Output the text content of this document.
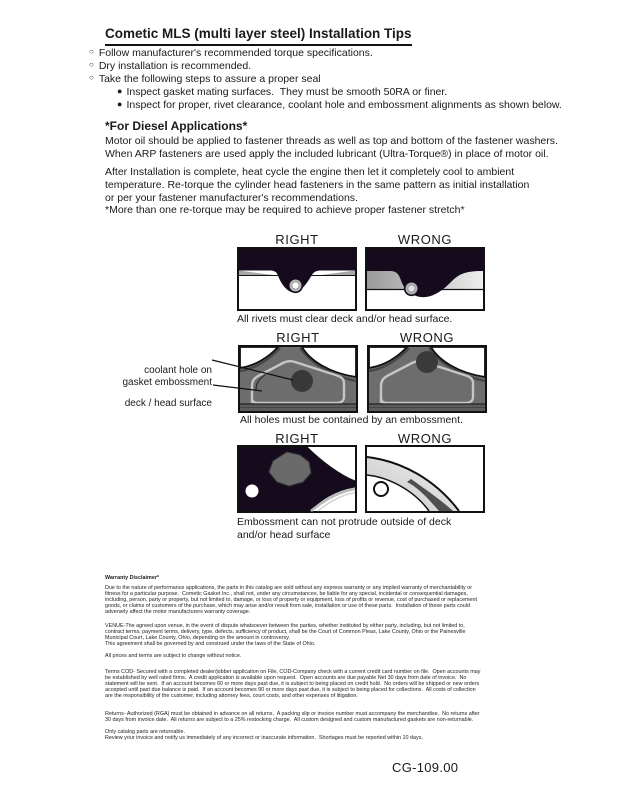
Cometic MLS (multi layer steel) Installation Tips
○ Follow manufacturer's recommended torque specifications.
○ Dry installation is recommended.
○ Take the following steps to assure a proper seal
● Inspect gasket mating surfaces.  They must be smooth 50RA or finer.
● Inspect for proper, rivet clearance, coolant hole and embossment alignments as shown below.
*For Diesel Applications*
Motor oil should be applied to fastener threads as well as top and bottom of the fastener washers.
When ARP fasteners are used apply the included lubricant (Ultra-Torque®) in place of motor oil.
After Installation is complete, heat cycle the engine then let it completely cool to ambient
temperature. Re-torque the cylinder head fasteners in the same pattern as initial installation
or per your fastener manufacturer's recommendations.
*More than one re-torque may be required to achieve proper fastener stretch*
RIGHT	WRONG
All rivets must clear deck and/or head surface.
RIGHT	WRONG

coolant hole on

deck / head surface

gasket embossment
All holes must be contained by an embossment.
RIGHT	WRONG
Embossment can not protrude outside of deck
and/or head surface
Warranty Disclaimer*
Due to the nature of performance applications, the parts in this catalog are sold without any express warranty or any implied warranty of merchantability or
fitness for a particular purpose.  Cometic Gasket Inc., shall not, under any circumstances, be liable for any special, incidental or consequential damages,
including, person, party or property, but not limited to, damage, or loss of property or equipment, loss of profits or revenue, cost of purchased or replacement
goods, or claims of customers of the purchase, which may arise and/or result from sale, installation or use of these parts.  Installation of these parts could
adversely affect the motor manufacturers warranty coverage.
VENUE-The agreed upon venue, in the event of dispute whatsoever between the parties, whether instituted by either party, including, but not limited to,
contract terms, payment terms, delivery, type, defects, sufficiency of product, shall be the Court of Common Pleas, Lake County, Ohio or the Painesville
Municipal Court, Lake County, Ohio, depending on the amount in controversy.
This agreement shall be governed by and construed under the laws of the State of Ohio.
All prices and terms are subject to change without notice.
Terms COD- Secured with a completed dealer/jobber application on File, COD-Company check with a current credit card number on file.  Open accounts may
be established by well rated firms.  A credit application is available upon request.  Open accounts are due payable Net 30 days from date of invoice.  No
statement will be sent.  If an account becomes 60 or more days past due, it is subject to being placed on credit hold.  No orders will be shipped or new orders
accepted until past due balance is paid.  If an account becomes 90 or more days past due, it is subject to being placed for collections.  All costs of collection
are the responsibility of the customer, including attorney fees, court costs, and other expenses of litigation.
Returns- Authorized (RGA) must be obtained in advance on all returns.  A packing slip or invoice number must accompany the merchandise.  No returns after
30 days from invoice date.  All returns are subject to a 25% restocking charge.  All custom designed and custom manufactured gaskets are non-returnable.
Only catalog parts are returnable.
Review your invoice and notify us immediately of any incorrect or inaccurate information.  Shortages must be reported within 10 days.
CG-109.00
